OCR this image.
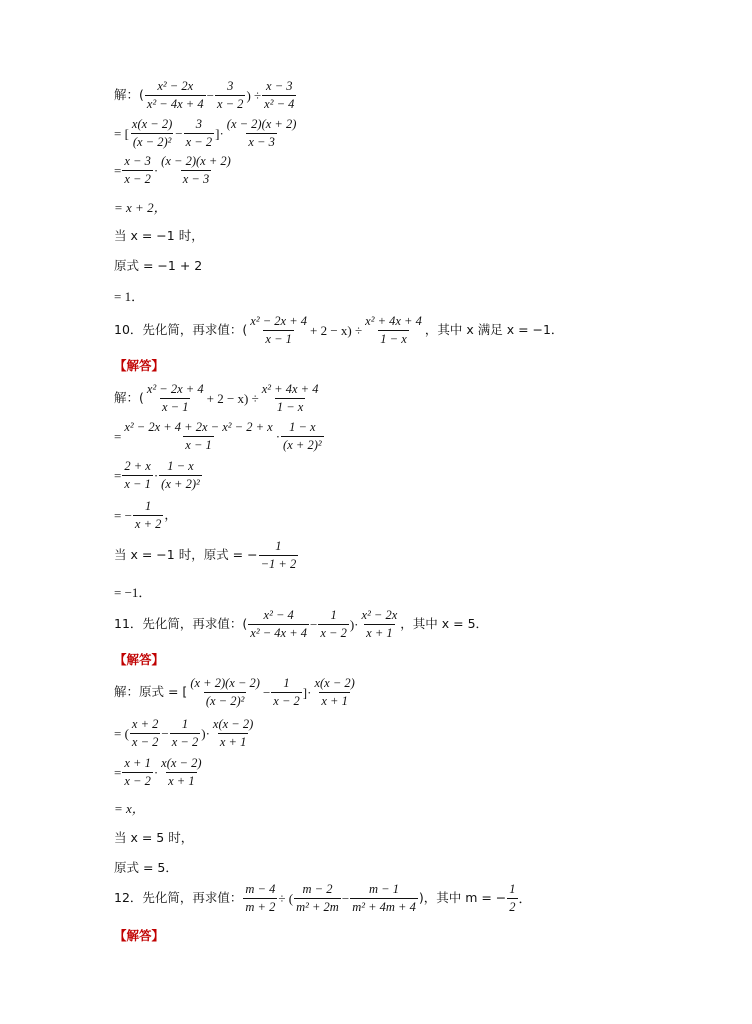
解：( $\frac{\text{x² − 2x}}{\text{x² − 4x + 4}} - \frac{3}{x - 2}$ ) ÷ $\frac{x - 3}{\text{x² − 4}}$
= [ $\frac{x(x - 2)}{\text{(x − 2)²}} - \frac{3}{x - 2}$ ]· $\frac{(x - 2)(x + 2)}{x - 3}$
= $\frac{x - 3}{x - 2} \cdot \frac{(x - 2)(x + 2)}{x - 3}$
= x + 2，
当 x = −1 时，
原式 = −1 + 2
= 1．
10．先化简，再求值：( $\frac{\text{x² − 2x + 4}}{x - 1} + 2 - x) \div \frac{\text{x² + 4x + 4}}{1 - x}$ ，其中 x 满足 x = −1．
【解答】
解：( $\frac{\text{x² − 2x + 4}}{x - 1} + 2 - x) \div \frac{\text{x² + 4x + 4}}{1 - x}$
= $\frac{\text{x² − 2x + 4 + 2x − x² − 2 + x}}{x - 1} \cdot \frac{1 - x}{\text{(x + 2)²}}$
= $\frac{2 + x}{x - 1} \cdot \frac{1 - x}{\text{(x + 2)²}}$
= − $\frac{1}{x + 2}$ ，
当 x = −1 时，原式 = − $\frac{1}{-1 + 2}$
= −1．
11．先化简，再求值：( $\frac{\text{x² − 4}}{\text{x² − 4x + 4}} - \frac{1}{x - 2}$ )· $\frac{\text{x² − 2x}}{x + 1}$ ，其中 x = 5．
【解答】
解：原式 = [ $\frac{(x + 2)(x - 2)}{\text{(x − 2)²}} - \frac{1}{x - 2}$ ]· $\frac{x(x - 2)}{x + 1}$
= ( $\frac{x + 2}{x - 2} - \frac{1}{x - 2}$ )· $\frac{x(x - 2)}{x + 1}$
= $\frac{x + 1}{x - 2} \cdot \frac{x(x - 2)}{x + 1}$
= x，
当 x = 5 时，
原式 = 5．
12．先化简，再求值： $\frac{m - 4}{m + 2}$ ÷ ( $\frac{m - 2}{\text{m² + 2m}} - \frac{m - 1}{\text{m² + 4m + 4}}$ )，其中 m = − $\frac{1}{2}$ ．
【解答】
